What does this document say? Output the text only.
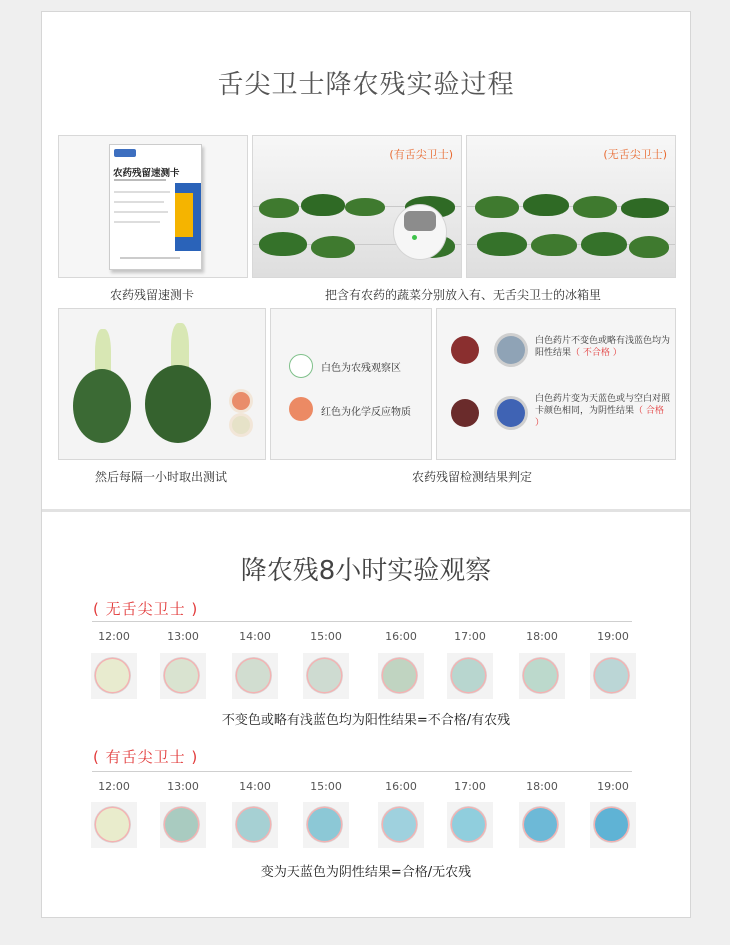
舌尖卫士降农残实验过程
农药残留速测卡
农药残留速测卡
(有舌尖卫士)	(无舌尖卫士)
把含有农药的蔬菜分别放入有、无舌尖卫士的冰箱里
然后每隔一小时取出测试
白色为农残观察区
红色为化学反应物质
白色药片不变色或略有浅蓝色均为阳性结果（ 不合格 ）
白色药片变为天蓝色或与空白对照卡颜色相同，为阴性结果（ 合格 ）
农药残留检测结果判定
降农残8小时实验观察
( 无舌尖卫士 )
12:00	13:00	14:00	15:00	16:00	17:00	18:00	19:00
不变色或略有浅蓝色均为阳性结果=不合格/有农残
( 有舌尖卫士 )
12:00	13:00	14:00	15:00	16:00	17:00	18:00	19:00
变为天蓝色为阴性结果=合格/无农残
